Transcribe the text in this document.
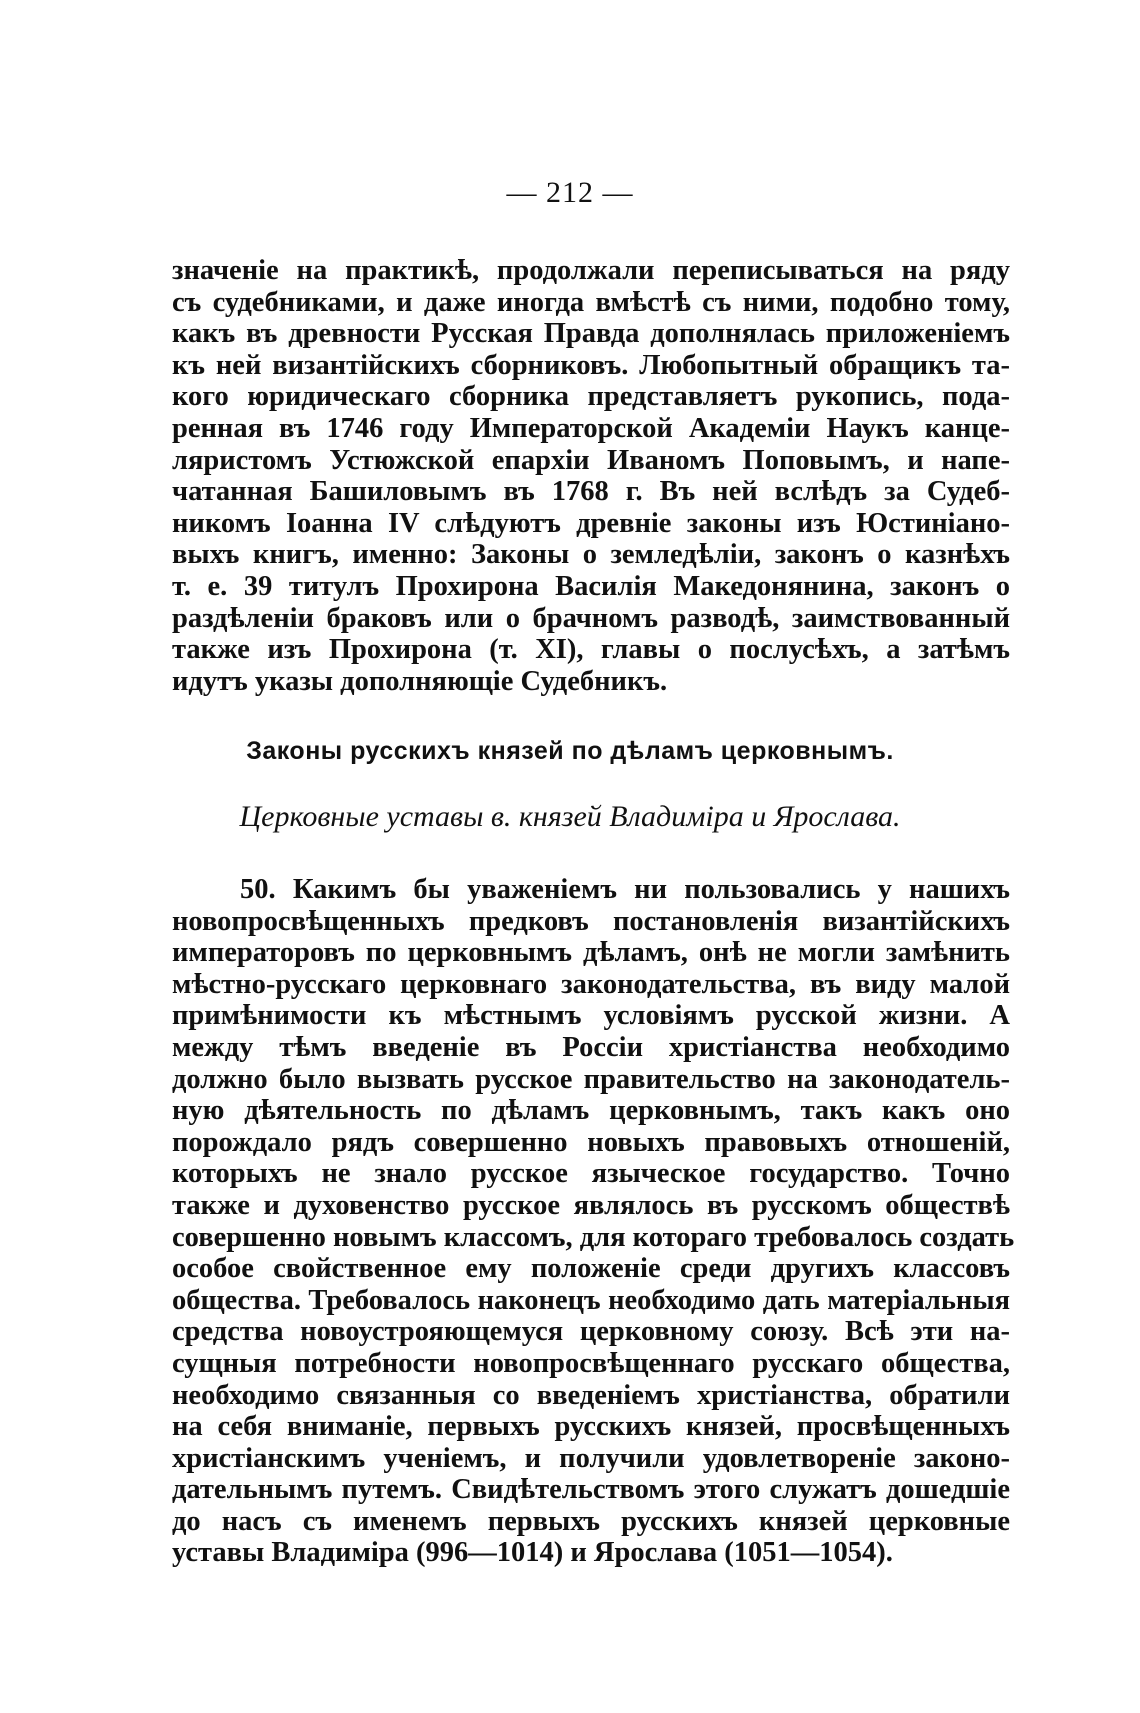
— 212 —
значеніе на практикѣ, продолжали переписываться на ряду
съ судебниками, и даже иногда вмѣстѣ съ ними, подобно тому,
какъ въ древности Русская Правда дополнялась приложеніемъ
къ ней византійскихъ сборниковъ. Любопытный обращикъ та-
кого юридическаго сборника представляетъ рукопись, пода-
ренная въ 1746 году Императорской Академіи Наукъ канце-
ляристомъ Устюжской епархіи Иваномъ Поповымъ, и напе-
чатанная Башиловымъ въ 1768 г. Въ ней вслѣдъ за Судеб-
никомъ Іоанна IV слѣдуютъ древніе законы изъ Юстиніано-
выхъ книгъ, именно: Законы о земледѣліи, законъ о казнѣхъ
т. е. 39 титулъ Прохирона Василія Македонянина, законъ о
раздѣленіи браковъ или о брачномъ разводѣ, заимствованный
также изъ Прохирона (т. XI), главы о послусѣхъ, а затѣмъ
идутъ указы дополняющіе Судебникъ.
Законы русскихъ князей по дѣламъ церковнымъ.
Церковные уставы в. князей Владиміра и Ярослава.
50. Какимъ бы уваженіемъ ни пользовались у нашихъ
новопросвѣщенныхъ предковъ постановленія византійскихъ
императоровъ по церковнымъ дѣламъ, онѣ не могли замѣнить
мѣстно-русскаго церковнаго законодательства, въ виду малой
примѣнимости къ мѣстнымъ условіямъ русской жизни. А
между тѣмъ введеніе въ Россіи христіанства необходимо
должно было вызвать русское правительство на законодатель-
ную дѣятельность по дѣламъ церковнымъ, такъ какъ оно
порождало рядъ совершенно новыхъ правовыхъ отношеній,
которыхъ не знало русское языческое государство. Точно
также и духовенство русское являлось въ русскомъ обществѣ
совершенно новымъ классомъ, для котораго требовалось создать
особое свойственное ему положеніе среди другихъ классовъ
общества. Требовалось наконецъ необходимо дать матеріальныя
средства новоустрояющемуся церковному союзу. Всѣ эти на-
сущныя потребности новопросвѣщеннаго русскаго общества,
необходимо связанныя со введеніемъ христіанства, обратили
на себя вниманіе, первыхъ русскихъ князей, просвѣщенныхъ
христіанскимъ ученіемъ, и получили удовлетвореніе законо-
дательнымъ путемъ. Свидѣтельствомъ этого служатъ дошедшіе
до насъ съ именемъ первыхъ русскихъ князей церковные
уставы Владиміра (996—1014) и Ярослава (1051—1054).
